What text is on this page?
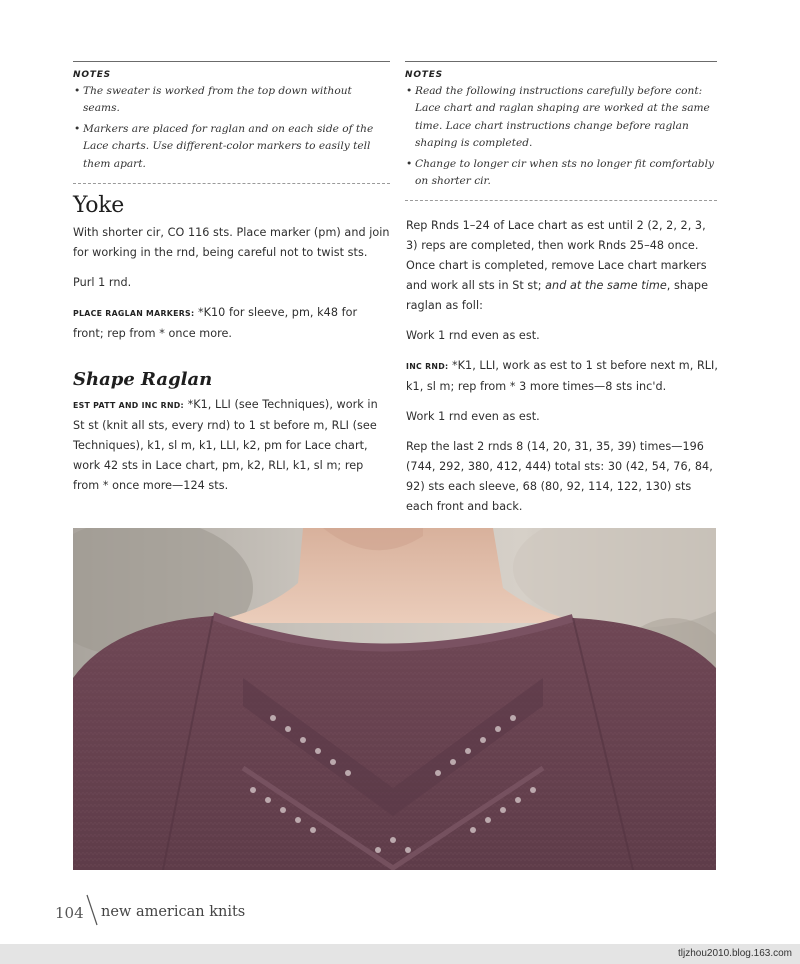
NOTES
• The sweater is worked from the top down without seams.
• Markers are placed for raglan and on each side of the Lace charts. Use different-color markers to easily tell them apart.
NOTES
• Read the following instructions carefully before cont: Lace chart and raglan shaping are worked at the same time. Lace chart instructions change before raglan shaping is completed.
• Change to longer cir when sts no longer fit comfortably on shorter cir.
Yoke

With shorter cir, CO 116 sts. Place marker (pm) and join for working in the rnd, being careful not to twist sts.

Purl 1 rnd.

PLACE RAGLAN MARKERS: *K10 for sleeve, pm, k48 for front; rep from * once more.

Shape Raglan

EST PATT AND INC RND: *K1, LLI (see Techniques), work in St st (knit all sts, every rnd) to 1 st before m, RLI (see Techniques), k1, sl m, k1, LLI, k2, pm for Lace chart, work 42 sts in Lace chart, pm, k2, RLI, k1, sl m; rep from * once more—124 sts.

Rep Rnds 1–24 of Lace chart as est until 2 (2, 2, 2, 3, 3) reps are completed, then work Rnds 25–48 once. Once chart is completed, remove Lace chart markers and work all sts in St st; and at the same time, shape raglan as foll:

Work 1 rnd even as est.

INC RND: *K1, LLI, work as est to 1 st before next m, RLI, k1, sl m; rep from * 3 more times—8 sts inc'd.

Work 1 rnd even as est.

Rep the last 2 rnds 8 (14, 20, 31, 35, 39) times—196 (744, 292, 380, 412, 444) total sts: 30 (42, 54, 76, 84, 92) sts each sleeve, 68 (80, 92, 114, 122, 130) sts each front and back.

104 new american knits
tljzhou2010.blog.163.com
